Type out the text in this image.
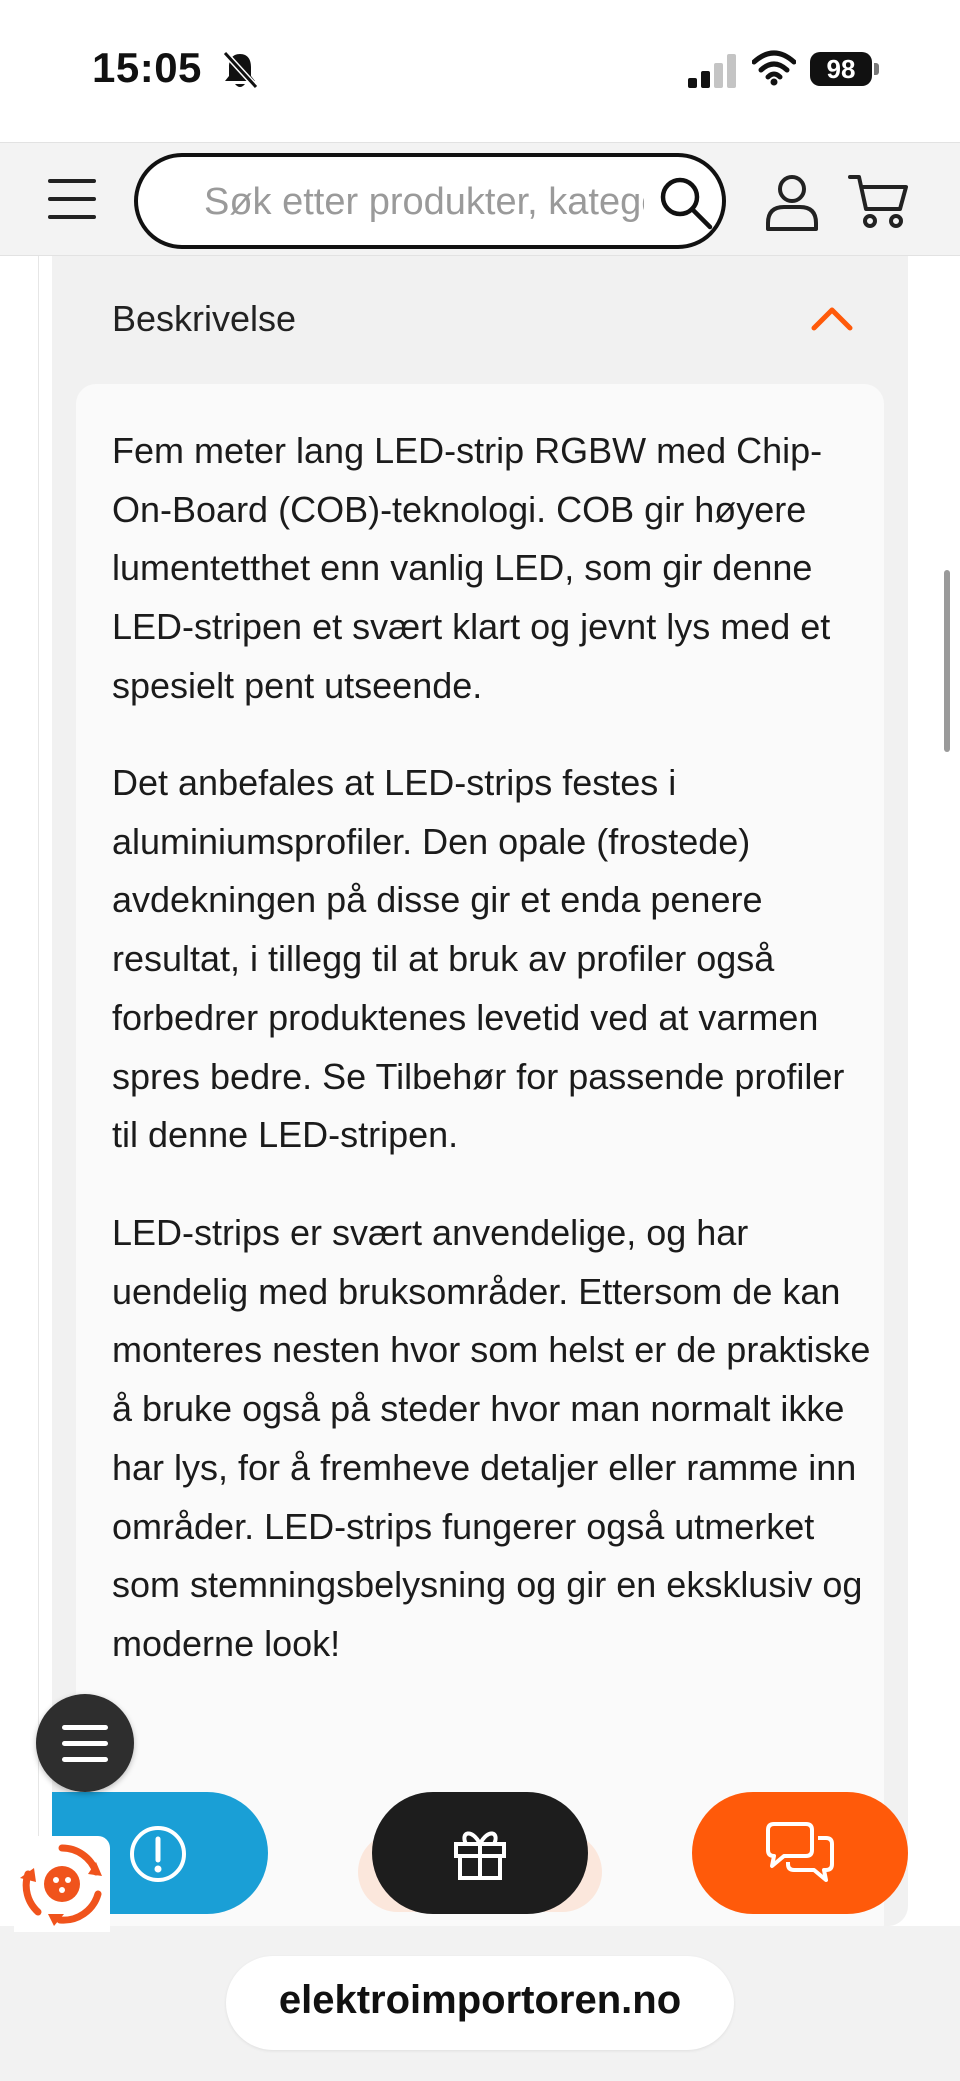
15:05	98
Søk etter produkter, kategorier
Beskrivelse

Fem meter lang LED-strip RGBW med Chip-On-Board (COB)-teknologi. COB gir høyere lumentetthet enn vanlig LED, som gir denne LED-stripen et svært klart og jevnt lys med et spesielt pent utseende.

Det anbefales at LED-strips festes i aluminiumsprofiler. Den opale (frostede) avdekningen på disse gir et enda penere resultat, i tillegg til at bruk av profiler også forbedrer produktenes levetid ved at varmen spres bedre. Se Tilbehør for passende profiler til denne LED-stripen.

LED-strips er svært anvendelige, og har uendelig med bruksområder. Ettersom de kan monteres nesten hvor som helst er de praktiske å bruke også på steder hvor man normalt ikke har lys, for å fremheve detaljer eller ramme inn områder. LED-strips fungerer også utmerket som stemningsbelysning og gir en eksklusiv og moderne look!

elektroimportoren.no
